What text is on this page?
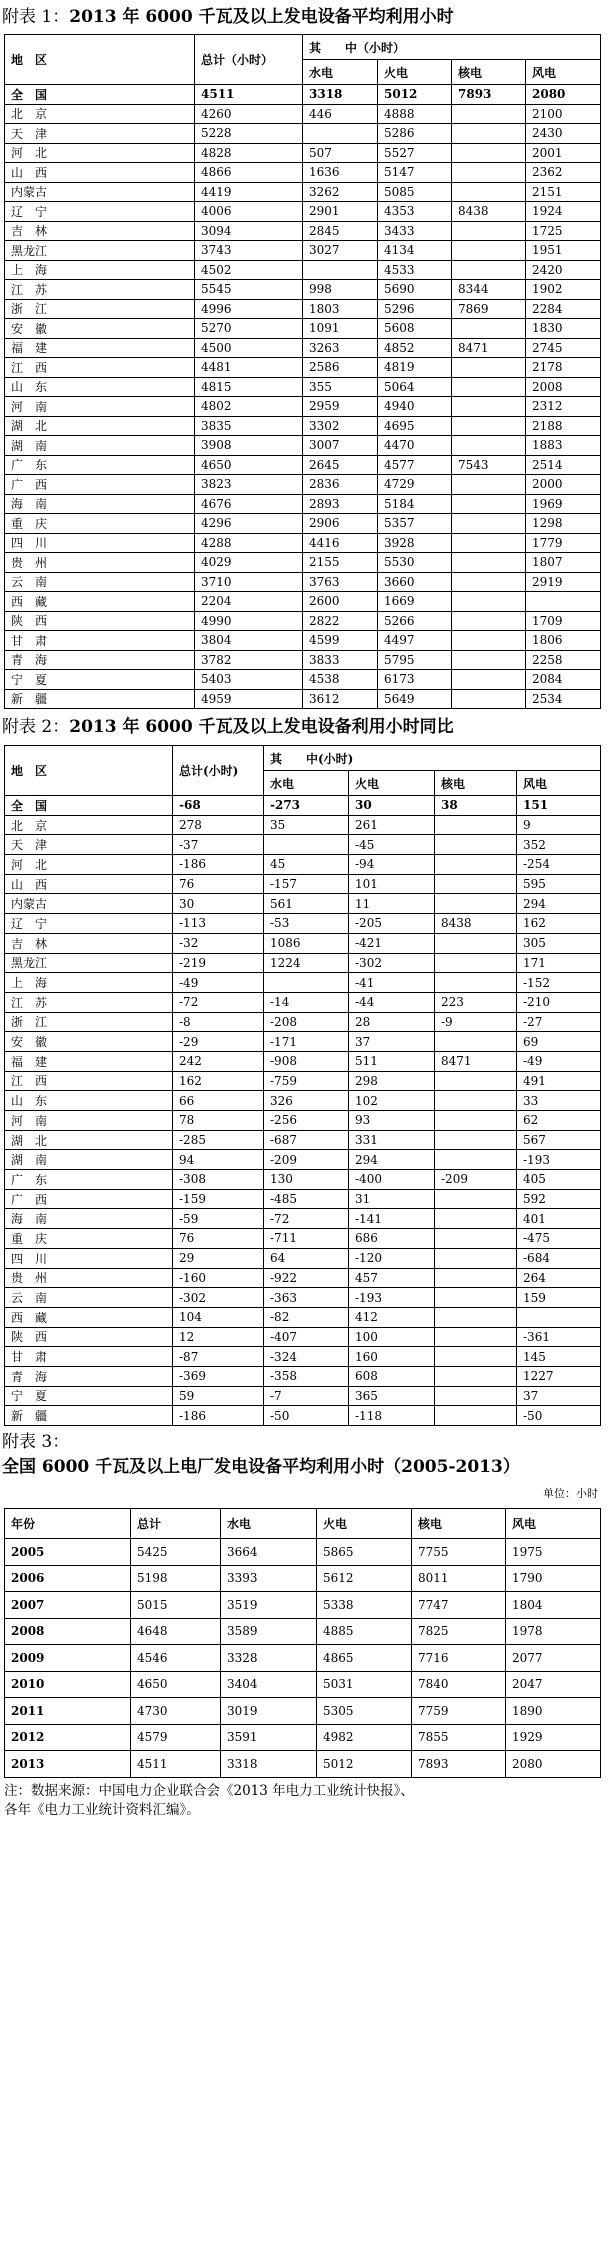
附表 1：2013 年 6000 千瓦及以上发电设备平均利用小时
地　区	总计（小时）	其　　中（小时）			
		水电	火电	核电	风电
全　国	4511	3318	5012	7893	2080
北　京	4260	446	4888		2100
天　津	5228		5286		2430
河　北	4828	507	5527		2001
山　西	4866	1636	5147		2362
内蒙古	4419	3262	5085		2151
辽　宁	4006	2901	4353	8438	1924
吉　林	3094	2845	3433		1725
黑龙江	3743	3027	4134		1951
上　海	4502		4533		2420
江　苏	5545	998	5690	8344	1902
浙　江	4996	1803	5296	7869	2284
安　徽	5270	1091	5608		1830
福　建	4500	3263	4852	8471	2745
江　西	4481	2586	4819		2178
山　东	4815	355	5064		2008
河　南	4802	2959	4940		2312
湖　北	3835	3302	4695		2188
湖　南	3908	3007	4470		1883
广　东	4650	2645	4577	7543	2514
广　西	3823	2836	4729		2000
海　南	4676	2893	5184		1969
重　庆	4296	2906	5357		1298
四　川	4288	4416	3928		1779
贵　州	4029	2155	5530		1807
云　南	3710	3763	3660		2919
西　藏	2204	2600	1669		
陕　西	4990	2822	5266		1709
甘　肃	3804	4599	4497		1806
青　海	3782	3833	5795		2258
宁　夏	5403	4538	6173		2084
新　疆	4959	3612	5649		2534
附表 2：2013 年 6000 千瓦及以上发电设备利用小时同比
地　区	总计(小时)	其　　中(小时)			
		水电	火电	核电	风电
全　国	-68	-273	30	38	151
北　京	278	35	261		9
天　津	-37		-45		352
河　北	-186	45	-94		-254
山　西	76	-157	101		595
内蒙古	30	561	11		294
辽　宁	-113	-53	-205	8438	162
吉　林	-32	1086	-421		305
黑龙江	-219	1224	-302		171
上　海	-49		-41		-152
江　苏	-72	-14	-44	223	-210
浙　江	-8	-208	28	-9	-27
安　徽	-29	-171	37		69
福　建	242	-908	511	8471	-49
江　西	162	-759	298		491
山　东	66	326	102		33
河　南	78	-256	93		62
湖　北	-285	-687	331		567
湖　南	94	-209	294		-193
广　东	-308	130	-400	-209	405
广　西	-159	-485	31		592
海　南	-59	-72	-141		401
重　庆	76	-711	686		-475
四　川	29	64	-120		-684
贵　州	-160	-922	457		264
云　南	-302	-363	-193		159
西　藏	104	-82	412		
陕　西	12	-407	100		-361
甘　肃	-87	-324	160		145
青　海	-369	-358	608		1227
宁　夏	59	-7	365		37
新　疆	-186	-50	-118		-50
附表 3：
全国 6000 千瓦及以上电厂发电设备平均利用小时（2005-2013）
单位：小时
年份	总计	水电	火电	核电	风电
2005	5425	3664	5865	7755	1975
2006	5198	3393	5612	8011	1790
2007	5015	3519	5338	7747	1804
2008	4648	3589	4885	7825	1978
2009	4546	3328	4865	7716	2077
2010	4650	3404	5031	7840	2047
2011	4730	3019	5305	7759	1890
2012	4579	3591	4982	7855	1929
2013	4511	3318	5012	7893	2080
注：数据来源：中国电力企业联合会《2013 年电力工业统计快报》、
各年《电力工业统计资料汇编》。
